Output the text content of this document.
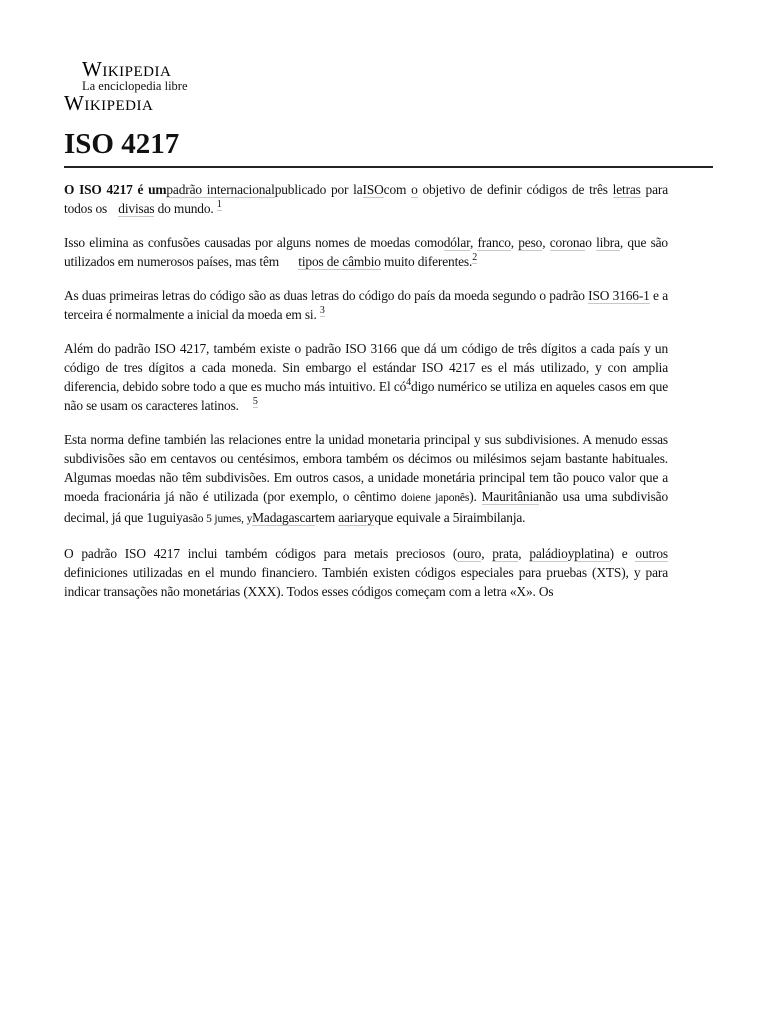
Wikipedia
La enciclopedia libre
Wikipedia
ISO 4217

O ISO 4217 é umpadrão internacionalpublicado por laISOcom o objetivo de definir códigos de três letras para todos os divisas do mundo. $^1$

Isso elimina as confusões causadas por alguns nomes de moedas comodólar, franco, peso, coronao libra, que são utilizados em numerosos países, mas têm tipos de câmbio muito diferentes.$^2$

As duas primeiras letras do código são as duas letras do código do país da moeda segundo o padrão ISO 3166-1 e a terceira é normalmente a inicial da moeda em si. $^3$

Além do padrão ISO 4217, também existe o padrão ISO 3166 que dá um código de três dígitos a cada país y un código de tres dígitos a cada moneda. Sin embargo el estándar ISO 4217 es el más utilizado, y con amplia diferencia, debido sobre todo a que es mucho más intuitivo. El $có^4digo$ numérico se utiliza en aqueles casos em que não se usam os caracteres latinos. $^5$

Esta norma define también las relaciones entre la unidad monetaria principal y sus subdivisiones. A menudo essas subdivisões são em centavos ou centésimos, embora também os décimos ou milésimos sejam bastante habituales. Algumas moedas não têm subdivisões. Em outros casos, a unidade monetária principal tem tão pouco valor que a moeda fracionária já não é utilizada (por exemplo, o cêntimo doiene japonês). Mauritânianão usa uma subdivisão decimal, já que 1uguiyasão 5 jumes, yMadagascartem aariaryque equivale a 5iraimbilanja.

O padrão ISO 4217 inclui também códigos para metais preciosos (ouro, prata, paládioyplatina) e outros definiciones utilizadas en el mundo financiero. También existen códigos especiales para pruebas (XTS), y para indicar transações não monetárias (XXX). Todos esses códigos começam com a letra «X». Os
